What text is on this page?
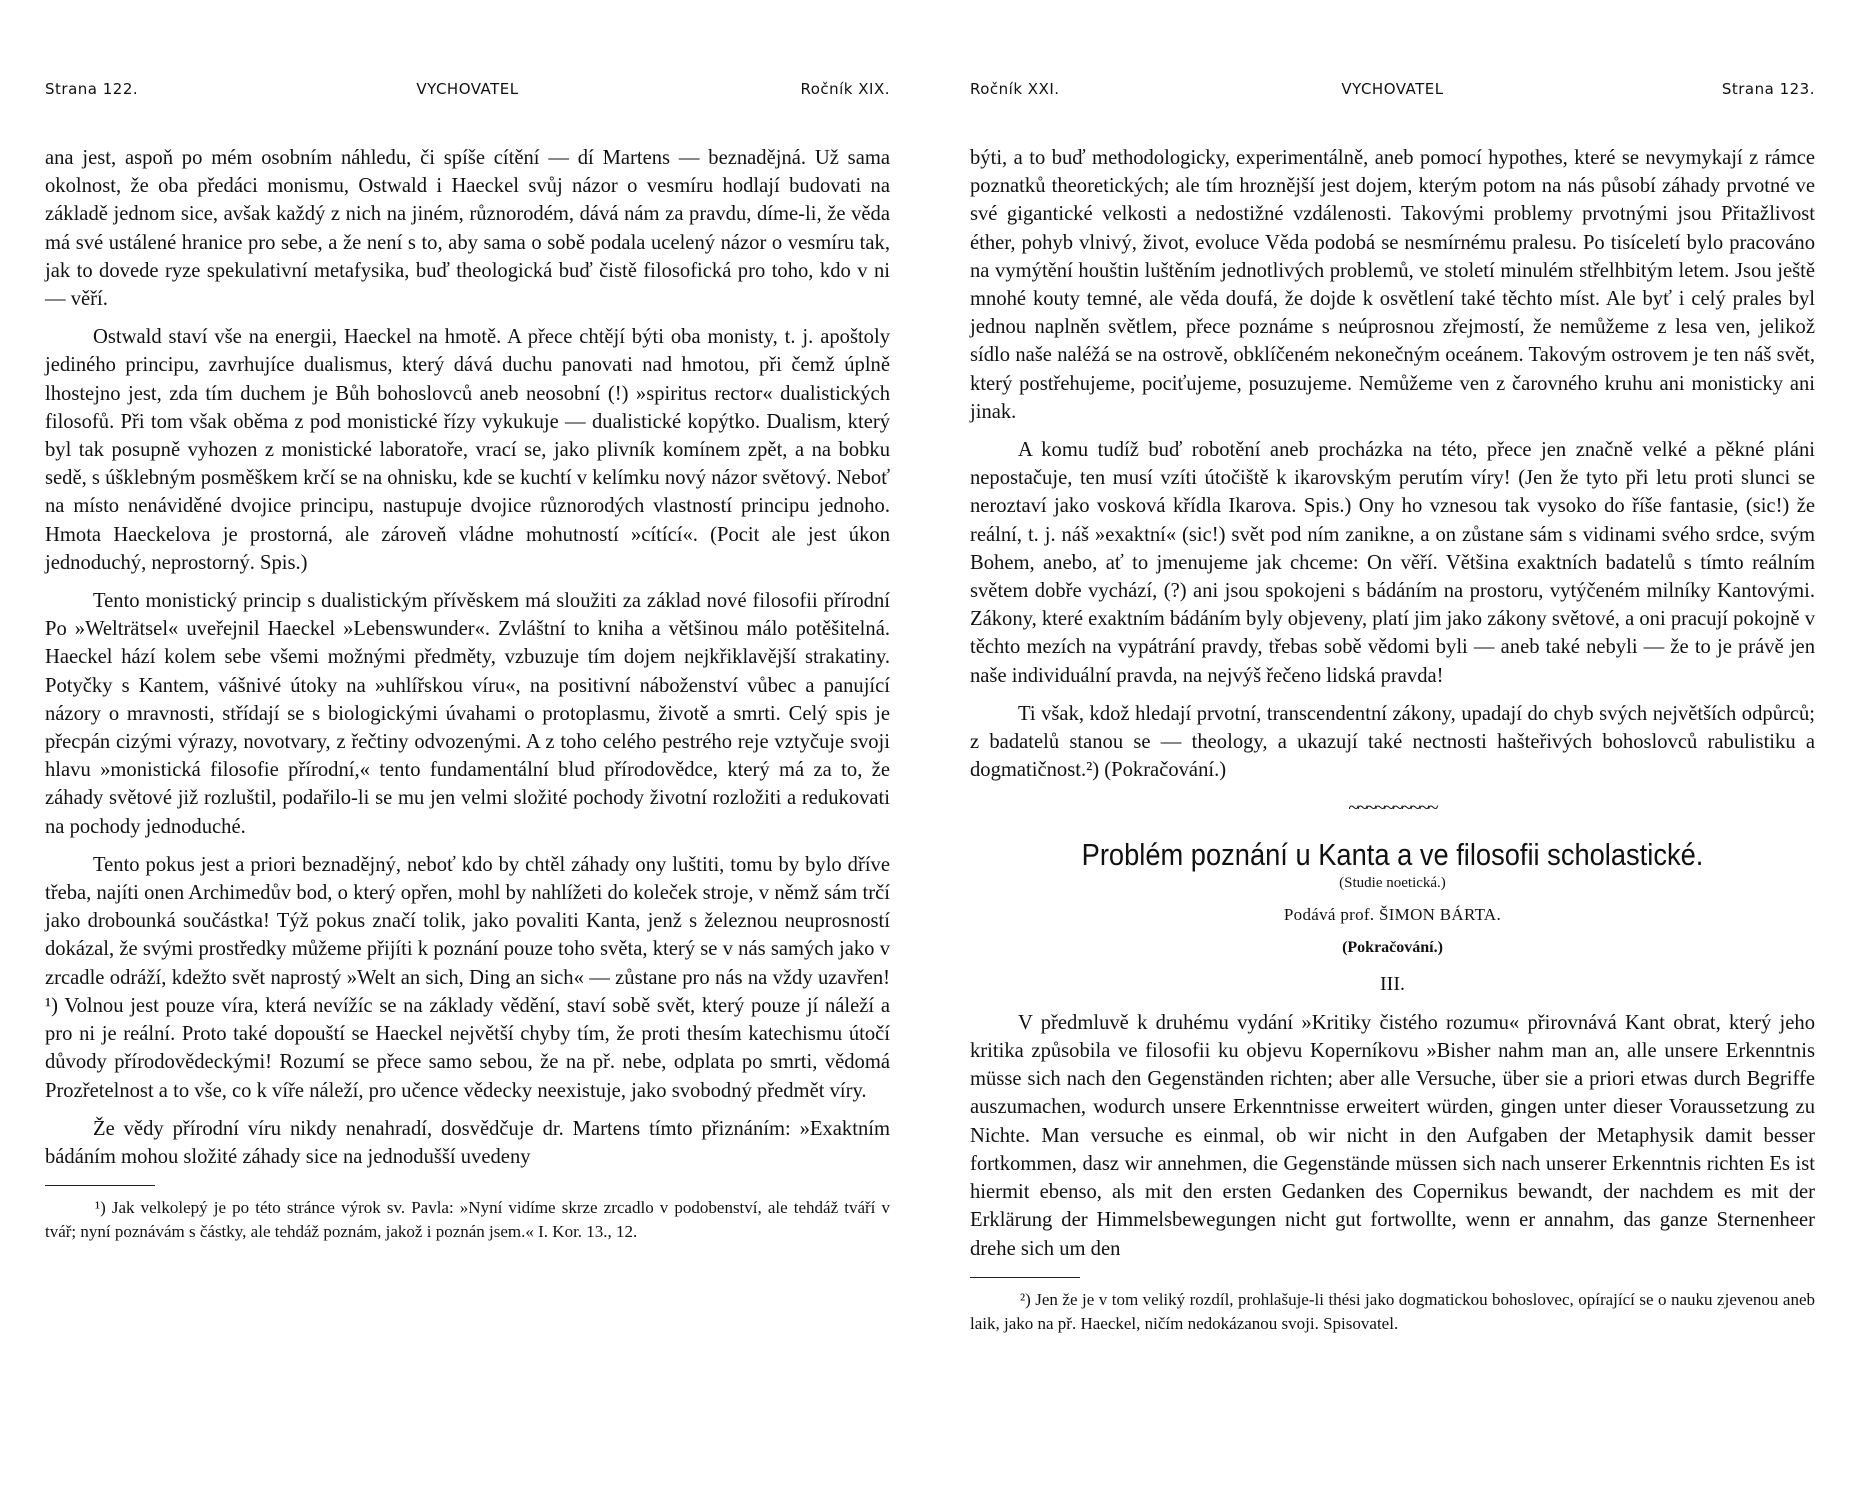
Strana 122.	VYCHOVATEL	Ročník XIX.

ana jest, aspoň po mém osobním náhledu, či spíše cítění — dí Martens — beznadějná. Už sama okolnost, že oba předáci monismu, Ostwald i Haeckel svůj názor o vesmíru hodlají budovati na základě jednom sice, avšak každý z nich na jiném, různorodém, dává nám za pravdu, díme-li, že věda má své ustálené hranice pro sebe, a že není s to, aby sama o sobě podala ucelený názor o vesmíru tak, jak to dovede ryze spekulativní metafysika, buď theologická buď čistě filosofická pro toho, kdo v ni — věří.

Ostwald staví vše na energii, Haeckel na hmotě. A přece chtějí býti oba monisty, t. j. apoštoly jediného principu, zavrhujíce dualismus, který dává duchu panovati nad hmotou, při čemž úplně lhostejno jest, zda tím duchem je Bůh bohoslovců aneb neosobní (!) »spiritus rector« dualistických filosofů. Při tom však oběma z pod monistické řízy vykukuje — dualistické kopýtko. Dualism, který byl tak posupně vyhozen z monistické laboratoře, vrací se, jako plivník komínem zpět, a na bobku sedě, s úšklebným posměškem krčí se na ohnisku, kde se kuchtí v kelímku nový názor světový. Neboť na místo nenáviděné dvojice principu, nastupuje dvojice různorodých vlastností principu jednoho. Hmota Haeckelova je prostorná, ale zároveň vládne mohutností »cítící«. (Pocit ale jest úkon jednoduchý, neprostorný. Spis.)

Tento monistický princip s dualistickým přívěskem má sloužiti za základ nové filosofii přírodní Po »Welträtsel« uveřejnil Haeckel »Lebenswunder«. Zvláštní to kniha a většinou málo potěšitelná. Haeckel hází kolem sebe všemi možnými předměty, vzbuzuje tím dojem nejkřiklavější strakatiny. Potyčky s Kantem, vášnivé útoky na »uhlířskou víru«, na positivní náboženství vůbec a panující názory o mravnosti, střídají se s biologickými úvahami o protoplasmu, životě a smrti. Celý spis je přecpán cizými výrazy, novotvary, z řečtiny odvozenými. A z toho celého pestrého reje vztyčuje svoji hlavu »monistická filosofie přírodní,« tento fundamentální blud přírodovědce, který má za to, že záhady světové již rozluštil, podařilo-li se mu jen velmi složité pochody životní rozložiti a redukovati na pochody jednoduché.

Tento pokus jest a priori beznadějný, neboť kdo by chtěl záhady ony luštiti, tomu by bylo dříve třeba, najíti onen Archimedův bod, o který opřen, mohl by nahlížeti do koleček stroje, v němž sám trčí jako drobounká součástka! Týž pokus značí tolik, jako povaliti Kanta, jenž s železnou neuprosností dokázal, že svými prostředky můžeme přijíti k poznání pouze toho světa, který se v nás samých jako v zrcadle odráží, kdežto svět naprostý »Welt an sich, Ding an sich« — zůstane pro nás na vždy uzavřen! ¹) Volnou jest pouze víra, která nevížíc se na základy vědění, staví sobě svět, který pouze jí náleží a pro ni je reální. Proto také dopouští se Haeckel největší chyby tím, že proti thesím katechismu útočí důvody přírodovědeckými! Rozumí se přece samo sebou, že na př. nebe, odplata po smrti, vědomá Prozřetelnost a to vše, co k víře náleží, pro učence vědecky neexistuje, jako svobodný předmět víry.

Že vědy přírodní víru nikdy nenahradí, dosvědčuje dr. Martens tímto přiznáním: »Exaktním bádáním mohou složité záhady sice na jednodušší uvedeny

¹) Jak velkolepý je po této stránce výrok sv. Pavla: »Nyní vidíme skrze zrcadlo v podobenství, ale tehdáž tváří v tvář; nyní poznávám s částky, ale tehdáž poznám, jakož i poznán jsem.« I. Kor. 13., 12.

Ročník XXI.	VYCHOVATEL	Strana 123.

býti, a to buď methodologicky, experimentálně, aneb pomocí hypothes, které se nevymykají z rámce poznatků theoretických; ale tím hroznější jest dojem, kterým potom na nás působí záhady prvotné ve své gigantické velkosti a nedostižné vzdálenosti. Takovými problemy prvotnými jsou Přitažlivost éther, pohyb vlnivý, život, evoluce Věda podobá se nesmírnému pralesu. Po tisíceletí bylo pracováno na vymýtění houštin luštěním jednotlivých problemů, ve století minulém střelhbitým letem. Jsou ještě mnohé kouty temné, ale věda doufá, že dojde k osvětlení také těchto míst. Ale byť i celý prales byl jednou naplněn světlem, přece poznáme s neúprosnou zřejmostí, že nemůžeme z lesa ven, jelikož sídlo naše naléžá se na ostrově, obklíčeném nekonečným oceánem. Takovým ostrovem je ten náš svět, který postřehujeme, pociťujeme, posuzujeme. Nemůžeme ven z čarovného kruhu ani monisticky ani jinak.

A komu tudíž buď robotění aneb procházka na této, přece jen značně velké a pěkné pláni nepostačuje, ten musí vzíti útočiště k ikarovským perutím víry! (Jen že tyto při letu proti slunci se neroztaví jako vosková křídla Ikarova. Spis.) Ony ho vznesou tak vysoko do říše fantasie, (sic!) že reální, t. j. náš »exaktní« (sic!) svět pod ním zanikne, a on zůstane sám s vidinami svého srdce, svým Bohem, anebo, ať to jmenujeme jak chceme: On věří. Většina exaktních badatelů s tímto reálním světem dobře vychází, (?) ani jsou spokojeni s bádáním na prostoru, vytýčeném milníky Kantovými. Zákony, které exaktním bádáním byly objeveny, platí jim jako zákony světové, a oni pracují pokojně v těchto mezích na vypátrání pravdy, třebas sobě vědomi byli — aneb také nebyli — že to je právě jen naše individuální pravda, na nejvýš řečeno lidská pravda!

Ti však, kdož hledají prvotní, transcendentní zákony, upadají do chyb svých největších odpůrců; z badatelů stanou se — theology, a ukazují také nectnosti hašteřivých bohoslovců rabulistiku a dogmatičnost.²) (Pokračování.)

~~~~~~~~~~
Problém poznání u Kanta a ve filosofii scholastické.

(Studie noetická.)

Podává prof. ŠIMON BÁRTA.

(Pokračování.)

III.

V předmluvě k druhému vydání »Kritiky čistého rozumu« přirovnává Kant obrat, který jeho kritika způsobila ve filosofii ku objevu Koperníkovu »Bisher nahm man an, alle unsere Erkenntnis müsse sich nach den Gegenständen richten; aber alle Versuche, über sie a priori etwas durch Begriffe auszumachen, wodurch unsere Erkenntnisse erweitert würden, gingen unter dieser Voraussetzung zu Nichte. Man versuche es einmal, ob wir nicht in den Aufgaben der Metaphysik damit besser fortkommen, dasz wir annehmen, die Gegenstände müssen sich nach unserer Erkenntnis richten Es ist hiermit ebenso, als mit den ersten Gedanken des Copernikus bewandt, der nachdem es mit der Erklärung der Himmelsbewegungen nicht gut fortwollte, wenn er annahm, das ganze Sternenheer drehe sich um den

²) Jen že je v tom veliký rozdíl, prohlašuje-li thési jako dogmatickou bohoslovec, opírající se o nauku zjevenou aneb laik, jako na př. Haeckel, ničím nedokázanou svoji. Spisovatel.
